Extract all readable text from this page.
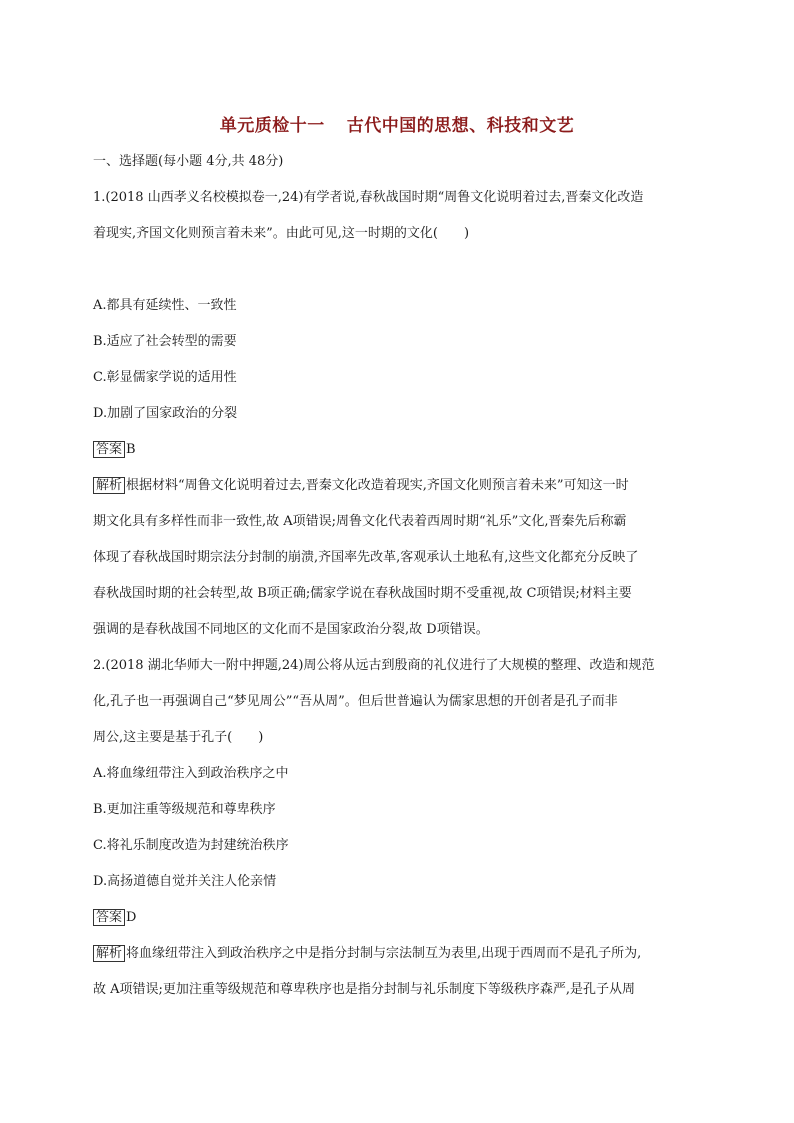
单元质检十一 古代中国的思想、科技和文艺
一、选择题(每小题 4分,共 48分)
1.(2018 山西孝义名校模拟卷一,24)有学者说,春秋战国时期“周鲁文化说明着过去,晋秦文化改造
着现实,齐国文化则预言着未来”。由此可见,这一时期的文化(　　)
A.都具有延续性、一致性
B.适应了社会转型的需要
C.彰显儒家学说的适用性
D.加剧了国家政治的分裂
答案 B
解析 根据材料“周鲁文化说明着过去,晋秦文化改造着现实,齐国文化则预言着未来”可知这一时
期文化具有多样性而非一致性,故 A项错误;周鲁文化代表着西周时期“礼乐”文化,晋秦先后称霸
体现了春秋战国时期宗法分封制的崩溃,齐国率先改革,客观承认土地私有,这些文化都充分反映了
春秋战国时期的社会转型,故 B项正确;儒家学说在春秋战国时期不受重视,故 C项错误;材料主要
强调的是春秋战国不同地区的文化而不是国家政治分裂,故 D项错误。
2.(2018 湖北华师大一附中押题,24)周公将从远古到殷商的礼仪进行了大规模的整理、改造和规范
化,孔子也一再强调自己“梦见周公”“吾从周”。但后世普遍认为儒家思想的开创者是孔子而非
周公,这主要是基于孔子(　　)
A.将血缘纽带注入到政治秩序之中
B.更加注重等级规范和尊卑秩序
C.将礼乐制度改造为封建统治秩序
D.高扬道德自觉并关注人伦亲情
答案 D
解析 将血缘纽带注入到政治秩序之中是指分封制与宗法制互为表里,出现于西周而不是孔子所为,
故 A项错误;更加注重等级规范和尊卑秩序也是指分封制与礼乐制度下等级秩序森严,是孔子从周
